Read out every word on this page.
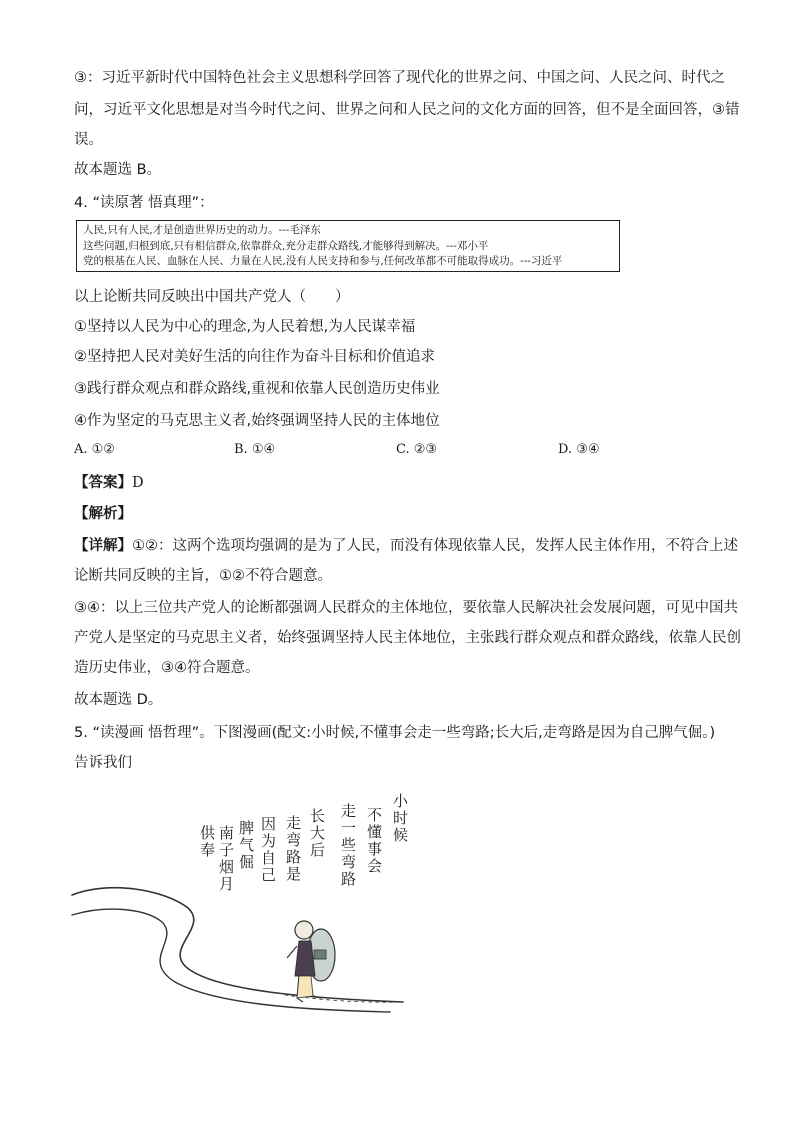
③：习近平新时代中国特色社会主义思想科学回答了现代化的世界之问、中国之问、人民之问、时代之
问，习近平文化思想是对当今时代之问、世界之问和人民之问的文化方面的回答，但不是全面回答，③错
误。
故本题选 B。
4. “读原著 悟真理”：
人民,只有人民,才是创造世界历史的动力。---毛泽东
这些问题,归根到底,只有相信群众,依靠群众,充分走群众路线,才能够得到解决。---邓小平
党的根基在人民、血脉在人民、力量在人民,没有人民支持和参与,任何改革都不可能取得成功。---习近平
以上论断共同反映出中国共产党人（　　）
①坚持以人民为中心的理念,为人民着想,为人民谋幸福
②坚持把人民对美好生活的向往作为奋斗目标和价值追求
③践行群众观点和群众路线,重视和依靠人民创造历史伟业
④作为坚定的马克思主义者,始终强调坚持人民的主体地位
A. ①②	B. ①④	C. ②③	D. ③④
【答案】D
【解析】
【详解】①②：这两个选项均强调的是为了人民，而没有体现依靠人民，发挥人民主体作用，不符合上述
论断共同反映的主旨，①②不符合题意。
③④：以上三位共产党人的论断都强调人民群众的主体地位，要依靠人民解决社会发展问题，可见中国共
产党人是坚定的马克思主义者，始终强调坚持人民主体地位，主张践行群众观点和群众路线，依靠人民创
造历史伟业，③④符合题意。
故本题选 D。
5. “读漫画 悟哲理”。下图漫画(配文:小时候,不懂事会走一些弯路;长大后,走弯路是因为自己脾气倔。)
告诉我们
小时候
不懂事会
走一些弯路
长大后
走弯路是
因为自己
脾气倔
南子烟月
供奉
